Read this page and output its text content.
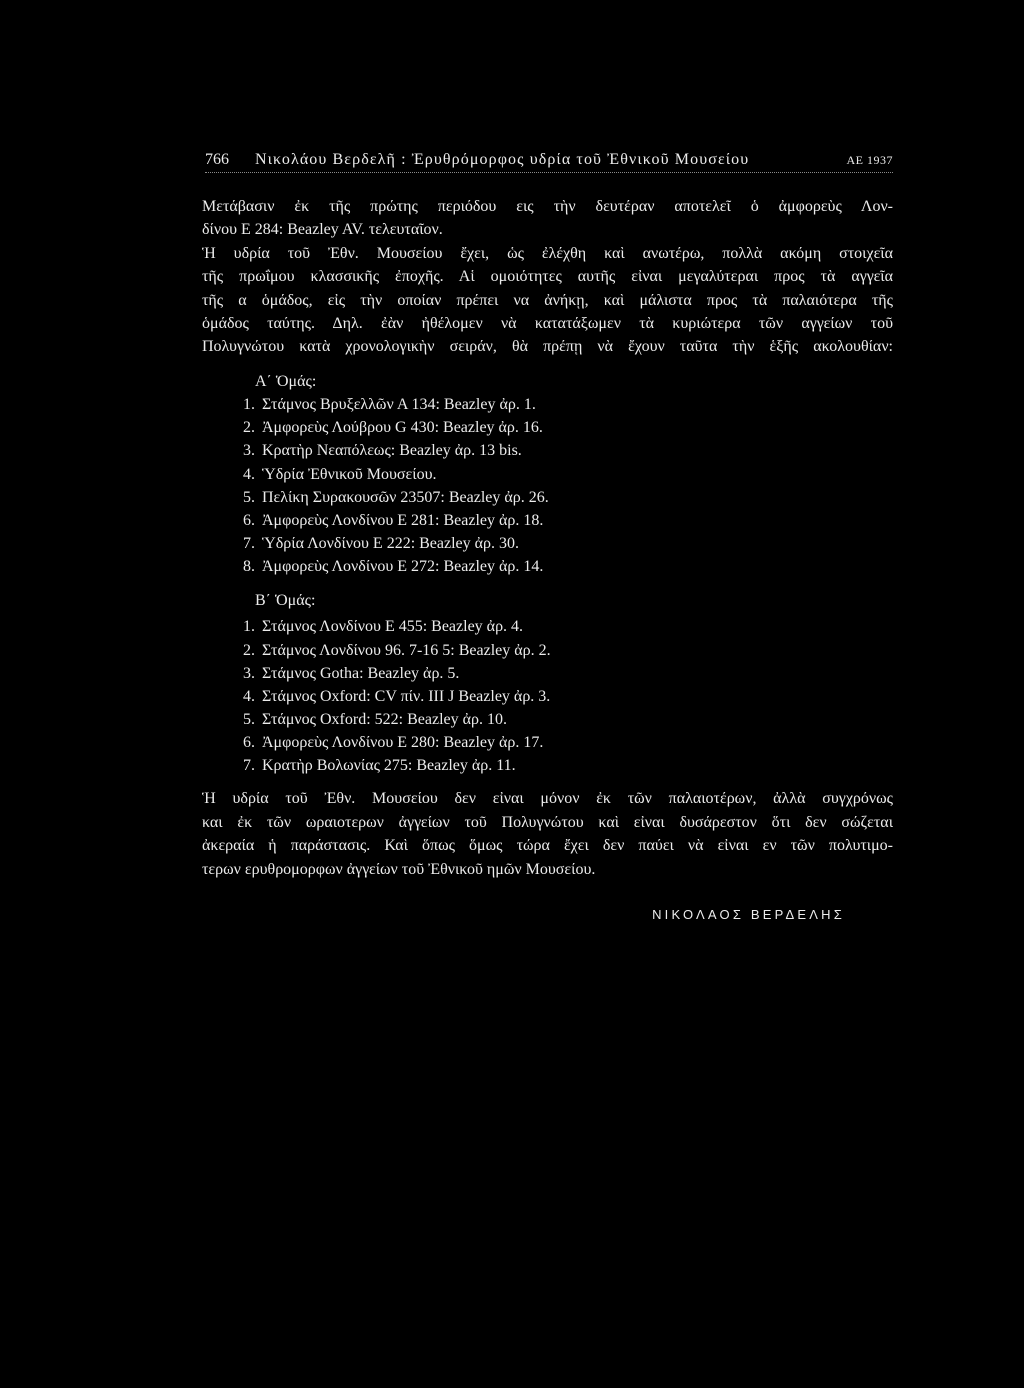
766	Νικολάου Βερδελῆ : Ἐρυθρόμορφος υδρία τοῦ Ἐθνικοῦ Μουσείου	ΑΕ 1937
Μετάβασιν ἐκ τῆς πρώτης περιόδου εις τὴν δευτέραν αποτελεῖ ὁ ἀμφορεὺς Λον-
δίνου Ε 284: Beazley AV. τελευταῖον.
Ἡ υδρία τοῦ Ἐθν. Μουσείου ἔχει, ὡς ἐλέχθη καὶ ανωτέρω, πολλὰ ακόμη στοιχεῖα
τῆς πρωΐμου κλασσικῆς ἐποχῆς. Αἱ ομοιότητες αυτῆς εἰναι μεγαλύτεραι προς τὰ αγγεῖα
τῆς α ὁμάδος, εἰς τὴν οποίαν πρέπει να ἀνήκῃ, καὶ μάλιστα προς τὰ παλαιότερα τῆς
ὁμάδος ταύτης. Δηλ. ἐὰν ἠθέλομεν νὰ κατατάξωμεν τὰ κυριώτερα τῶν αγγείων τοῦ
Πολυγνώτου κατὰ χρονολογικὴν σειράν, θὰ πρέπῃ νὰ ἔχουν ταῦτα τὴν ἑξῆς ακολουθίαν:
Α΄ Ὁμάς:
1. Στάμνος Βρυξελλῶν Α 134: Beazley ἀρ. 1.
2. Ἀμφορεὺς Λούβρου G 430: Beazley ἀρ. 16.
3. Κρατὴρ Νεαπόλεως: Beazley ἀρ. 13 bis.
4. Ὑδρία Ἐθνικοῦ Μουσείου.
5. Πελίκη Συρακουσῶν 23507: Beazley ἀρ. 26.
6. Ἀμφορεὺς Λονδίνου Ε 281: Beazley ἀρ. 18.
7. Ὑδρία Λονδίνου Ε 222: Beazley ἀρ. 30.
8. Ἀμφορεὺς Λονδίνου Ε 272: Beazley ἀρ. 14.
Β΄ Ὁμάς:
1. Στάμνος Λονδίνου Ε 455: Beazley ἀρ. 4.
2. Στάμνος Λονδίνου 96. 7-16 5: Beazley ἀρ. 2.
3. Στάμνος Gotha: Beazley ἀρ. 5.
4. Στάμνος Oxford: CV πίν. III J Beazley ἀρ. 3.
5. Στάμνος Oxford: 522: Beazley ἀρ. 10.
6. Ἀμφορεὺς Λονδίνου Ε 280: Beazley ἀρ. 17.
7. Κρατὴρ Βολωνίας 275: Beazley ἀρ. 11.
Ἡ υδρία τοῦ Ἐθν. Μουσείου δεν εἰναι μόνον ἐκ τῶν παλαιοτέρων, ἀλλὰ συγχρόνως
και ἐκ τῶν ωραιοτερων ἀγγείων τοῦ Πολυγνώτου καὶ εἰναι δυσάρεστον ὅτι δεν σώζεται
ἀκεραία ἡ παράστασις. Καὶ ὅπως ὅμως τώρα ἔχει δεν παύει νὰ εἰναι εν τῶν πολυτιμο-
τερων ερυθρομορφων ἀγγείων τοῦ Ἐθνικοῦ ημῶν Μουσείου.
ΝΙΚΟΛΑΟΣ ΒΕΡΔΕΛΗΣ
